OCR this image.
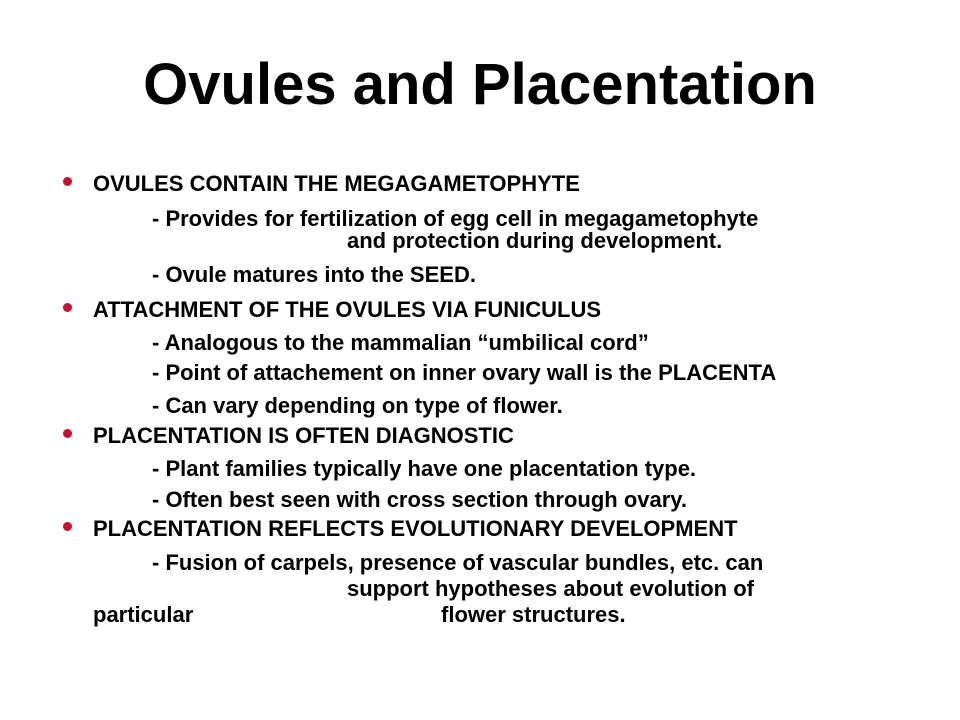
Ovules and Placentation
OVULES CONTAIN THE MEGAGAMETOPHYTE
- Provides for fertilization of egg cell in megagametophyte
and protection during development.
- Ovule matures into the SEED.
ATTACHMENT OF THE OVULES VIA FUNICULUS
- Analogous to the mammalian “umbilical cord”
- Point of attachement on inner ovary wall is the PLACENTA
- Can vary depending on type of flower.
PLACENTATION IS OFTEN DIAGNOSTIC
- Plant families typically have one placentation type.
- Often best seen with cross section through ovary.
PLACENTATION REFLECTS EVOLUTIONARY DEVELOPMENT
- Fusion of carpels, presence of vascular bundles, etc. can
support hypotheses about evolution of
particular	flower structures.
